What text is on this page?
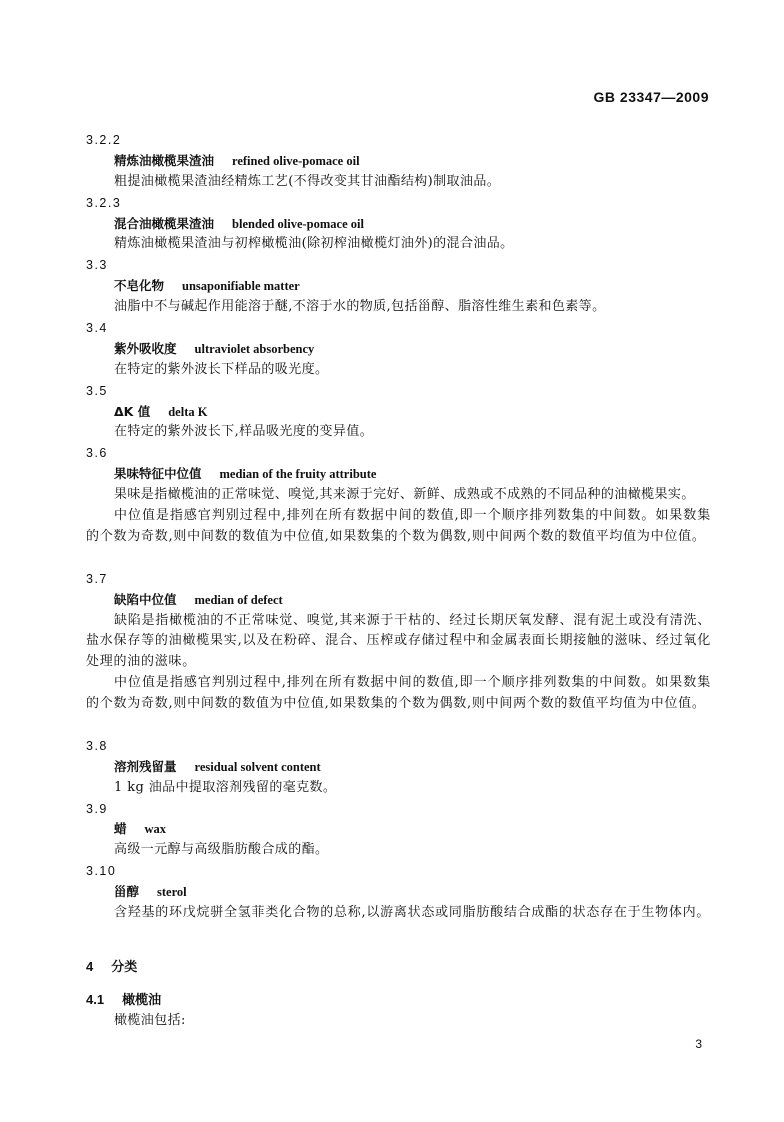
GB 23347—2009
3.2.2
精炼油橄榄果渣油 refined olive-pomace oil
粗提油橄榄果渣油经精炼工艺(不得改变其甘油酯结构)制取油品。
3.2.3
混合油橄榄果渣油 blended olive-pomace oil
精炼油橄榄果渣油与初榨橄榄油(除初榨油橄榄灯油外)的混合油品。
3.3
不皂化物 unsaponifiable matter
油脂中不与碱起作用能溶于醚,不溶于水的物质,包括甾醇、脂溶性维生素和色素等。
3.4
紫外吸收度 ultraviolet absorbency
在特定的紫外波长下样品的吸光度。
3.5
ΔK 值 delta K
在特定的紫外波长下,样品吸光度的变异值。
3.6
果味特征中位值 median of the fruity attribute
果味是指橄榄油的正常味觉、嗅觉,其来源于完好、新鲜、成熟或不成熟的不同品种的油橄榄果实。
中位值是指感官判别过程中,排列在所有数据中间的数值,即一个顺序排列数集的中间数。如果数集的个数为奇数,则中间数的数值为中位值,如果数集的个数为偶数,则中间两个数的数值平均值为中位值。
3.7
缺陷中位值 median of defect
缺陷是指橄榄油的不正常味觉、嗅觉,其来源于干枯的、经过长期厌氧发酵、混有泥土或没有清洗、盐水保存等的油橄榄果实,以及在粉碎、混合、压榨或存储过程中和金属表面长期接触的滋味、经过氧化处理的油的滋味。
中位值是指感官判别过程中,排列在所有数据中间的数值,即一个顺序排列数集的中间数。如果数集的个数为奇数,则中间数的数值为中位值,如果数集的个数为偶数,则中间两个数的数值平均值为中位值。
3.8
溶剂残留量 residual solvent content
1 kg 油品中提取溶剂残留的毫克数。
3.9
蜡 wax
高级一元醇与高级脂肪酸合成的酯。
3.10
甾醇 sterol
含羟基的环戊烷骈全氢菲类化合物的总称,以游离状态或同脂肪酸结合成酯的状态存在于生物体内。
4 分类
4.1 橄榄油
橄榄油包括:
3
